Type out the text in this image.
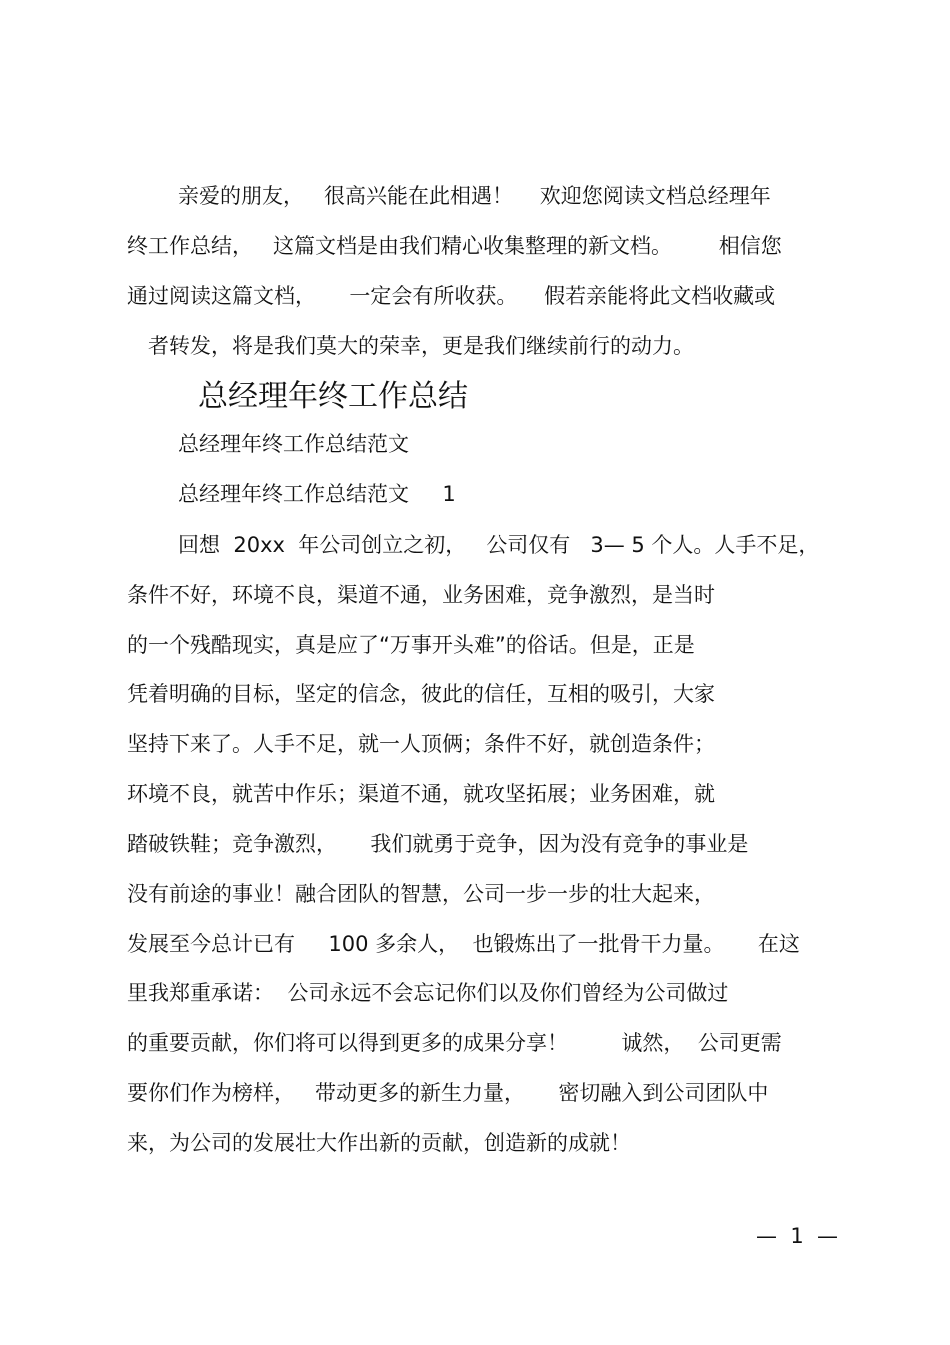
亲爱的朋友，   很高兴能在此相遇！    欢迎您阅读文档总经理年
终工作总结，   这篇文档是由我们精心收集整理的新文档。       相信您
通过阅读这篇文档，     一定会有所收获。    假若亲能将此文档收藏或
者转发，将是我们莫大的荣幸，更是我们继续前行的动力。
总经理年终工作总结
总经理年终工作总结范文
总经理年终工作总结范文     1
回想  20xx  年公司创立之初，   公司仅有   3— 5 个人。人手不足，
条件不好，环境不良，渠道不通，业务困难，竞争激烈，是当时
的一个残酷现实，真是应了“万事开头难”的俗话。但是，正是
凭着明确的目标，坚定的信念，彼此的信任，互相的吸引，大家
坚持下来了。人手不足，就一人顶俩；条件不好，就创造条件；
环境不良，就苦中作乐；渠道不通，就攻坚拓展；业务困难，就
踏破铁鞋；竞争激烈，     我们就勇于竞争，因为没有竞争的事业是
没有前途的事业！融合团队的智慧，公司一步一步的壮大起来，
发展至今总计已有     100 多余人，  也锻炼出了一批骨干力量。     在这
里我郑重承诺：  公司永远不会忘记你们以及你们曾经为公司做过
的重要贡献，你们将可以得到更多的成果分享！        诚然，  公司更需
要你们作为榜样，   带动更多的新生力量，     密切融入到公司团队中
来，为公司的发展壮大作出新的贡献，创造新的成就！
—  1  —
